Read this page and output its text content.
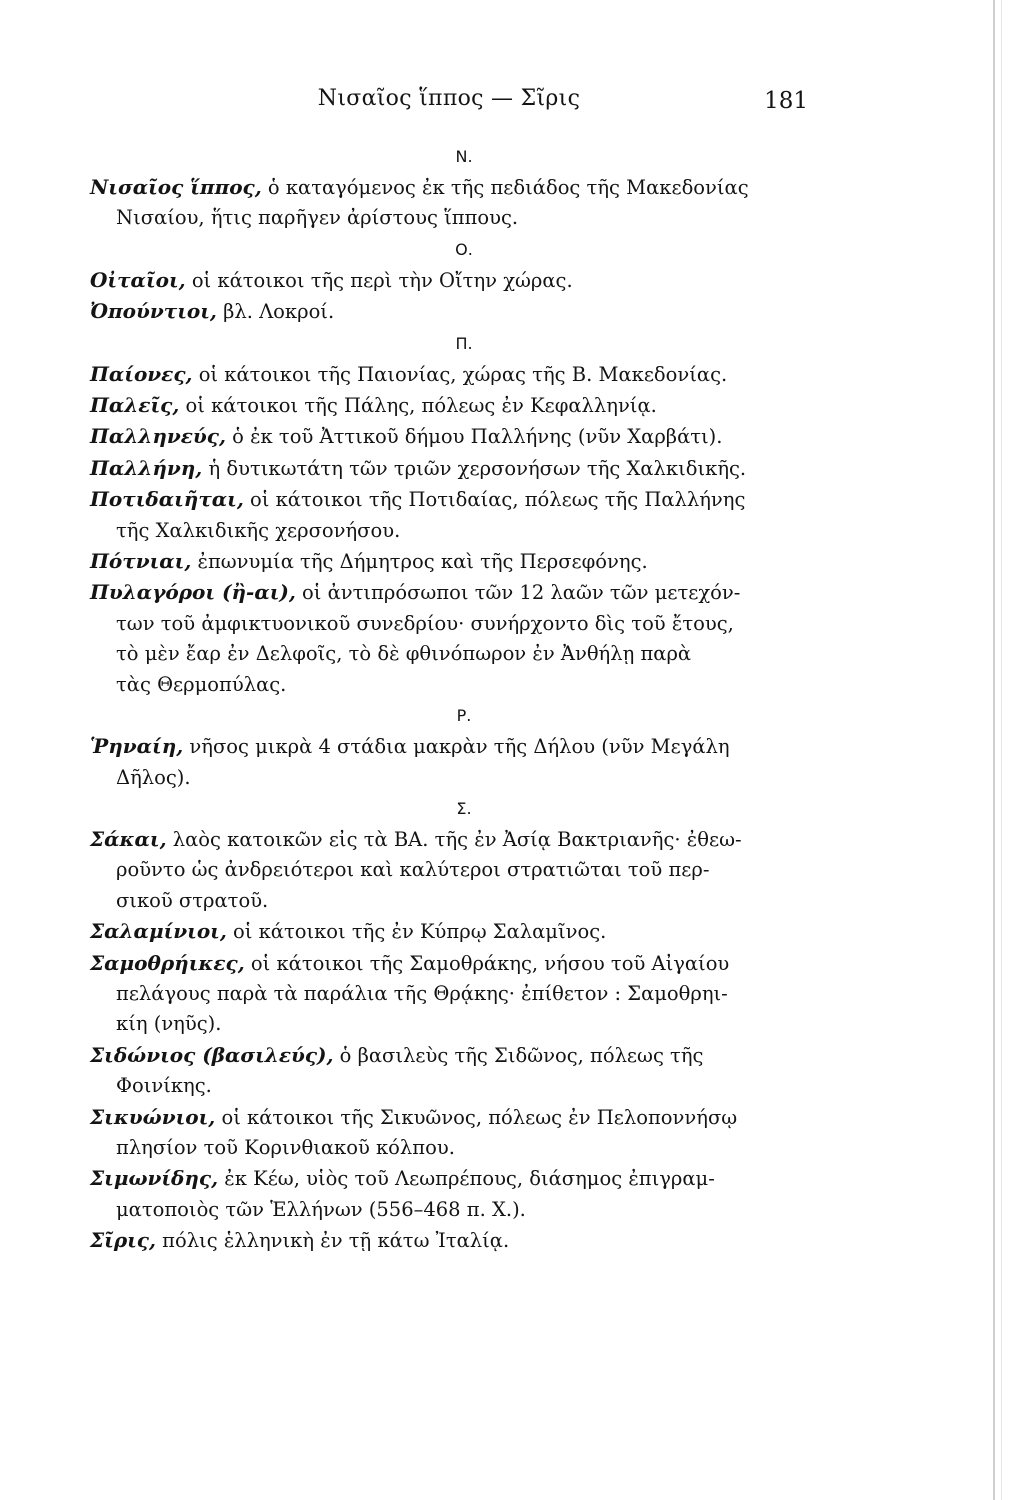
Νισαῖος ἵππος — Σῖρις	181
Ν.

Νισαῖος ἵππος, ὁ καταγόμενος ἐκ τῆς πεδιάδος τῆς Μακεδονίας
Νισαίου, ἥτις παρῆγεν ἀρίστους ἵππους.

Ο.

Οἰταῖοι, οἱ κάτοικοι τῆς περὶ τὴν Οἴτην χώρας.

Ὀπούντιοι, βλ. Λοκροί.

Π.

Παίονες, οἱ κάτοικοι τῆς Παιονίας, χώρας τῆς Β. Μακεδονίας.

Παλεῖς, οἱ κάτοικοι τῆς Πάλης, πόλεως ἐν Κεφαλληνίᾳ.

Παλληνεύς, ὁ ἐκ τοῦ Ἀττικοῦ δήμου Παλλήνης (νῦν Χαρβάτι).

Παλλήνη, ἡ δυτικωτάτη τῶν τριῶν χερσονήσων τῆς Χαλκιδικῆς.

Ποτιδαιῆται, οἱ κάτοικοι τῆς Ποτιδαίας, πόλεως τῆς Παλλήνης
τῆς Χαλκιδικῆς χερσονήσου.

Πότνιαι, ἐπωνυμία τῆς Δήμητρος καὶ τῆς Περσεφόνης.

Πυλαγόροι (ἢ-αι), οἱ ἀντιπρόσωποι τῶν 12 λαῶν τῶν μετεχόν-
των τοῦ ἀμφικτυονικοῦ συνεδρίου· συνήρχοντο δὶς τοῦ ἔτους,
τὸ μὲν ἔαρ ἐν Δελφοῖς, τὸ δὲ φθινόπωρον ἐν Ἀνθήλῃ παρὰ
τὰς Θερμοπύλας.

Ρ.

Ῥηναίη, νῆσος μικρὰ 4 στάδια μακρὰν τῆς Δήλου (νῦν Μεγάλη
Δῆλος).

Σ.

Σάκαι, λαὸς κατοικῶν εἰς τὰ ΒΑ. τῆς ἐν Ἀσίᾳ Βακτριανῆς· ἐθεω-
ροῦντο ὡς ἀνδρειότεροι καὶ καλύτεροι στρατιῶται τοῦ περ-
σικοῦ στρατοῦ.

Σαλαμίνιοι, οἱ κάτοικοι τῆς ἐν Κύπρῳ Σαλαμῖνος.

Σαμοθρήικες, οἱ κάτοικοι τῆς Σαμοθράκης, νήσου τοῦ Αἰγαίου
πελάγους παρὰ τὰ παράλια τῆς Θρᾴκης· ἐπίθετον : Σαμοθρηι-
κίη (νηῦς).

Σιδώνιος (βασιλεύς), ὁ βασιλεὺς τῆς Σιδῶνος, πόλεως τῆς
Φοινίκης.

Σικυώνιοι, οἱ κάτοικοι τῆς Σικυῶνος, πόλεως ἐν Πελοποννήσῳ
πλησίον τοῦ Κορινθιακοῦ κόλπου.

Σιμωνίδης, ἐκ Κέω, υἱὸς τοῦ Λεωπρέπους, διάσημος ἐπιγραμ-
ματοποιὸς τῶν Ἑλλήνων (556–468 π. Χ.).

Σῖρις, πόλις ἑλληνικὴ ἐν τῇ κάτω Ἰταλίᾳ.
